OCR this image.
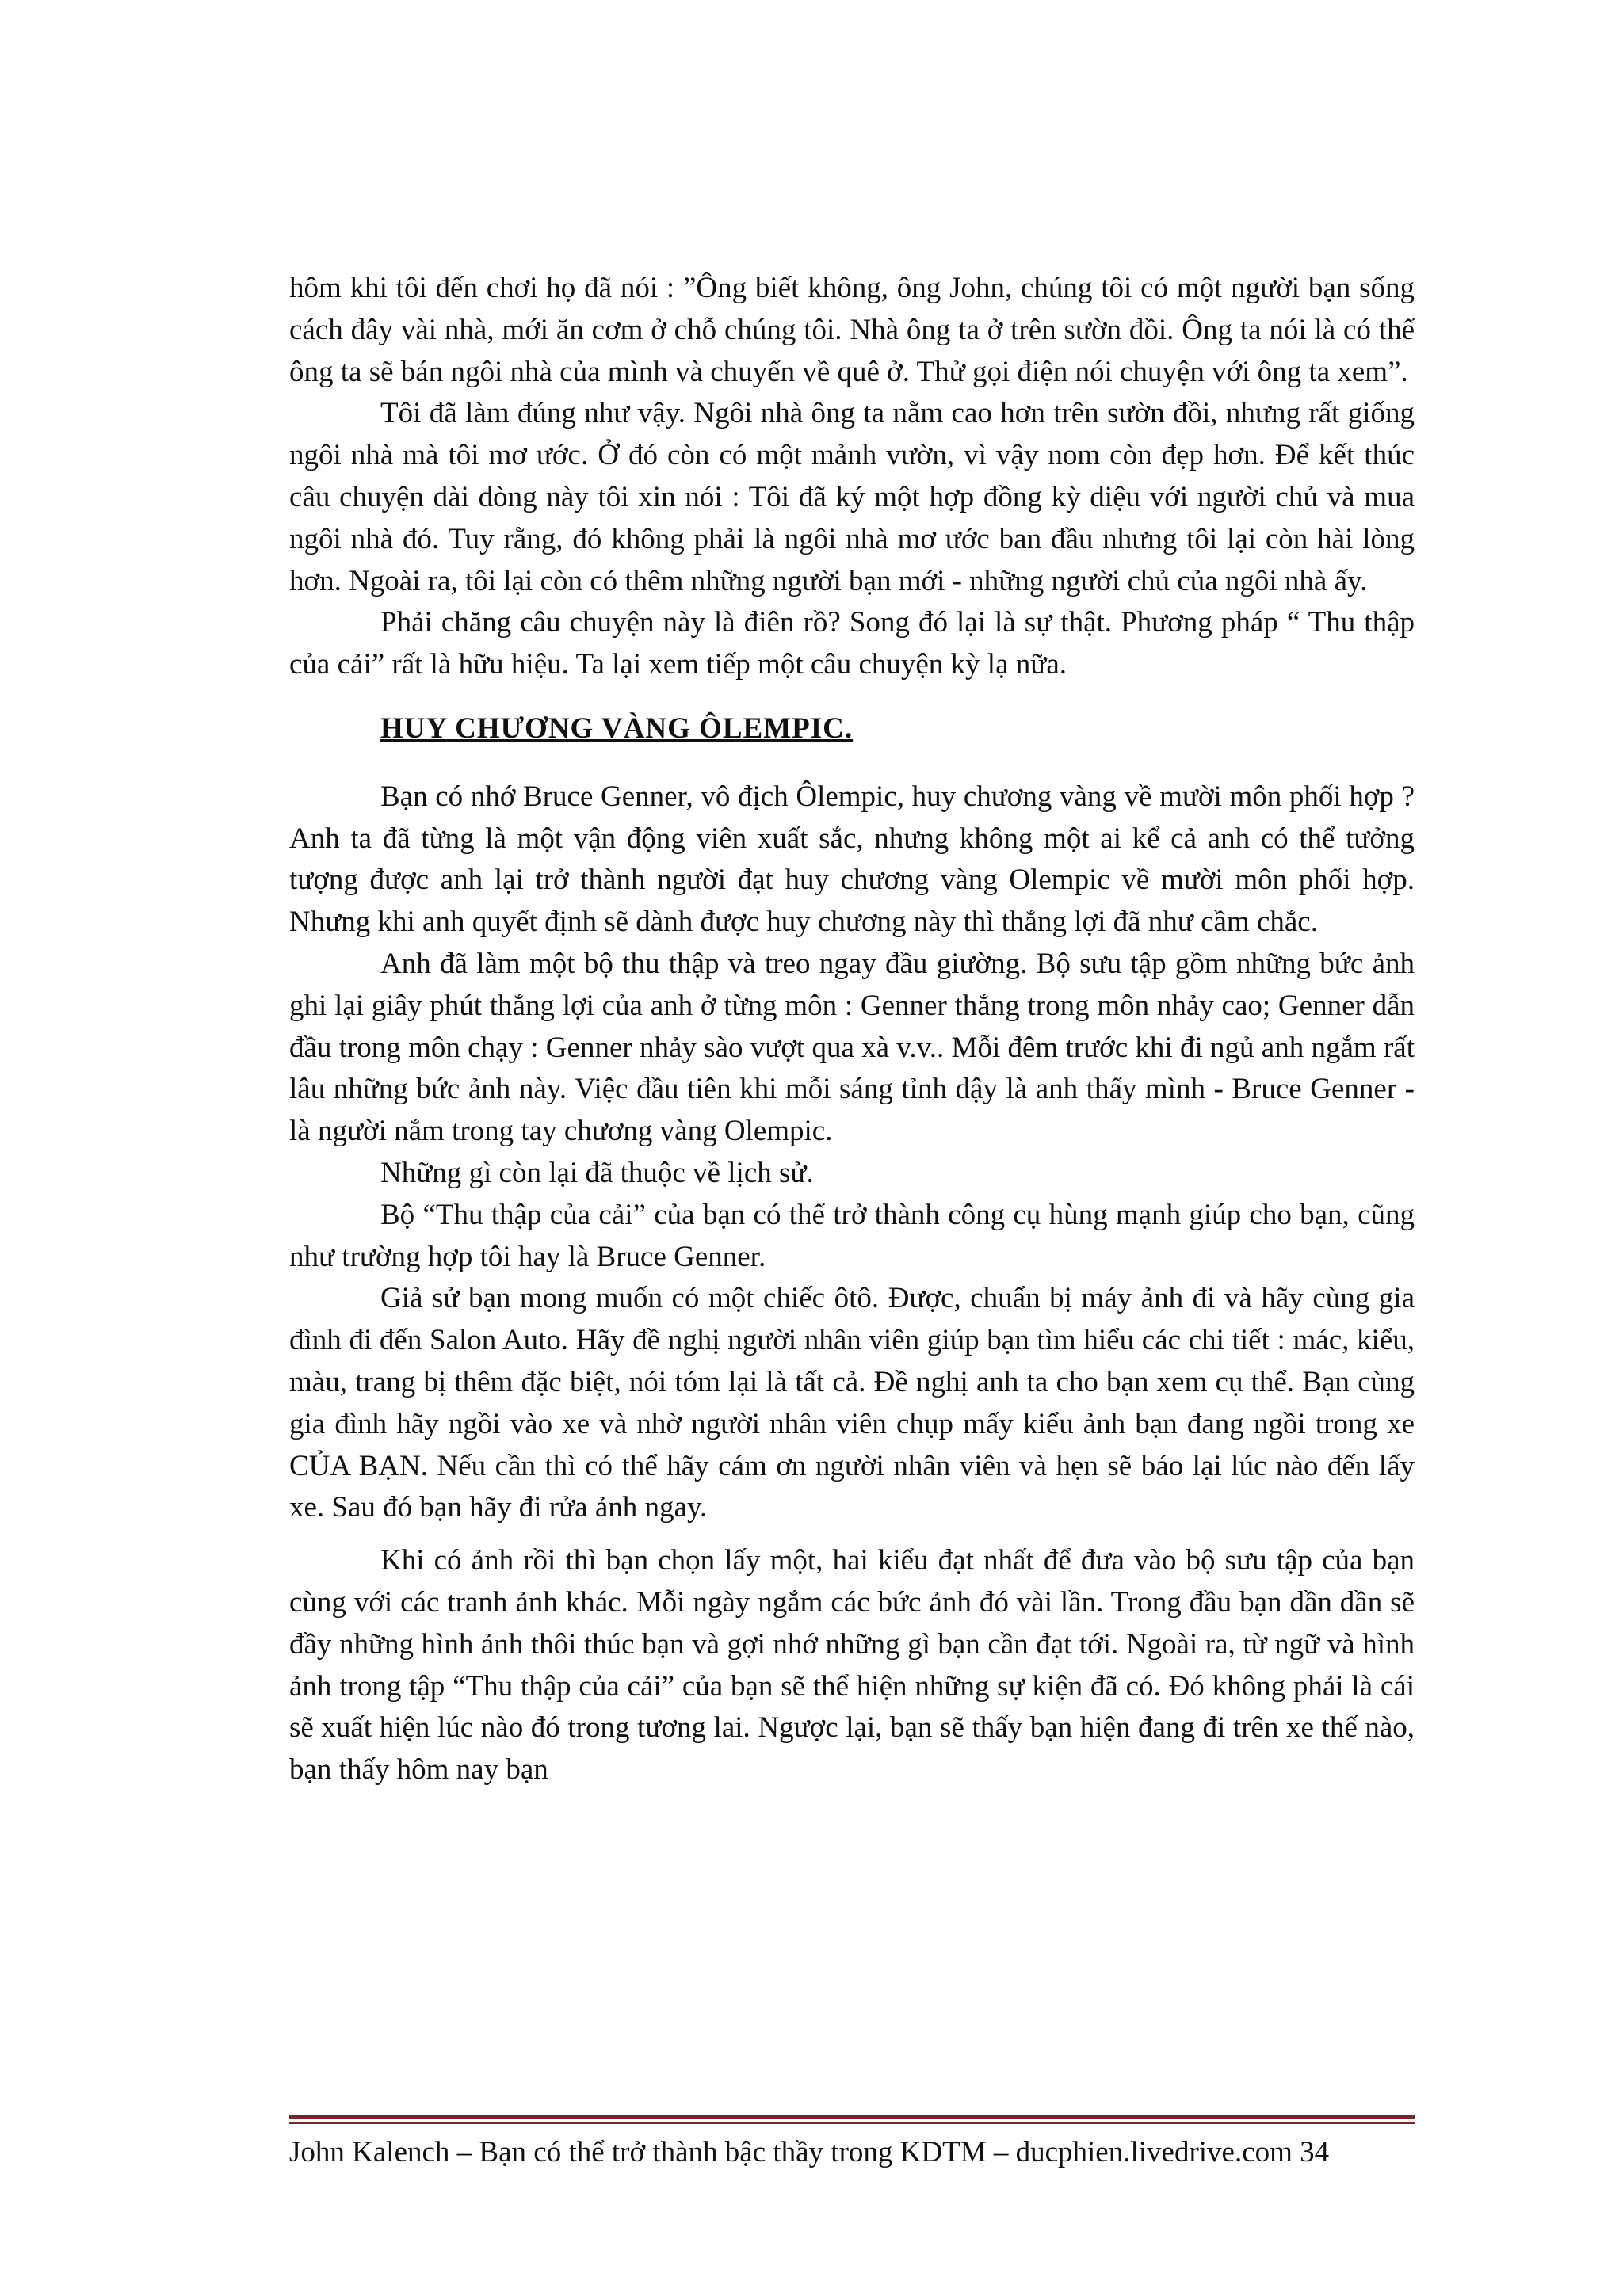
hôm khi tôi đến chơi họ đã nói : ”Ông biết không, ông John, chúng tôi có một người bạn sống cách đây vài nhà, mới ăn cơm ở chỗ chúng tôi. Nhà ông ta ở trên sườn đồi. Ông ta nói là có thể ông ta sẽ bán ngôi nhà của mình và chuyển về quê ở. Thử gọi điện nói chuyện với ông ta xem”.

Tôi đã làm đúng như vậy. Ngôi nhà ông ta nằm cao hơn trên sườn đồi, nhưng rất giống ngôi nhà mà tôi mơ ước. Ở đó còn có một mảnh vườn, vì vậy nom còn đẹp hơn. Để kết thúc câu chuyện dài dòng này tôi xin nói : Tôi đã ký một hợp đồng kỳ diệu với người chủ và mua ngôi nhà đó. Tuy rằng, đó không phải là ngôi nhà mơ ước ban đầu nhưng tôi lại còn hài lòng hơn. Ngoài ra, tôi lại còn có thêm những người bạn mới - những người chủ của ngôi nhà ấy.

Phải chăng câu chuyện này là điên rồ? Song đó lại là sự thật. Phương pháp “ Thu thập của cải” rất là hữu hiệu. Ta lại xem tiếp một câu chuyện kỳ lạ nữa.

HUY CHƯƠNG VÀNG ÔLEMPIC.

Bạn có nhớ Bruce Genner, vô địch Ôlempic, huy chương vàng về mười môn phối hợp ? Anh ta đã từng là một vận động viên xuất sắc, nhưng không một ai kể cả anh có thể tưởng tượng được anh lại trở thành người đạt huy chương vàng Olempic về mười môn phối hợp. Nhưng khi anh quyết định sẽ dành được huy chương này thì thắng lợi đã như cầm chắc.

Anh đã làm một bộ thu thập và treo ngay đầu giường. Bộ sưu tập gồm những bức ảnh ghi lại giây phút thắng lợi của anh ở từng môn : Genner thắng trong môn nhảy cao; Genner dẫn đầu trong môn chạy : Genner nhảy sào vượt qua xà v.v.. Mỗi đêm trước khi đi ngủ anh ngắm rất lâu những bức ảnh này. Việc đầu tiên khi mỗi sáng tỉnh dậy là anh thấy mình - Bruce Genner - là người nắm trong tay chương vàng Olempic.

Những gì còn lại đã thuộc về lịch sử.

Bộ “Thu thập của cải” của bạn có thể trở thành công cụ hùng mạnh giúp cho bạn, cũng như trường hợp tôi hay là Bruce Genner.

Giả sử bạn mong muốn có một chiếc ôtô. Được, chuẩn bị máy ảnh đi và hãy cùng gia đình đi đến Salon Auto. Hãy đề nghị người nhân viên giúp bạn tìm hiểu các chi tiết : mác, kiểu, màu, trang bị thêm đặc biệt, nói tóm lại là tất cả. Đề nghị anh ta cho bạn xem cụ thể. Bạn cùng gia đình hãy ngồi vào xe và nhờ người nhân viên chụp mấy kiểu ảnh bạn đang ngồi trong xe CỦA BẠN. Nếu cần thì có thể hãy cám ơn người nhân viên và hẹn sẽ báo lại lúc nào đến lấy xe. Sau đó bạn hãy đi rửa ảnh ngay.

Khi có ảnh rồi thì bạn chọn lấy một, hai kiểu đạt nhất để đưa vào bộ sưu tập của bạn cùng với các tranh ảnh khác. Mỗi ngày ngắm các bức ảnh đó vài lần. Trong đầu bạn dần dần sẽ đầy những hình ảnh thôi thúc bạn và gợi nhớ những gì bạn cần đạt tới. Ngoài ra, từ ngữ và hình ảnh trong tập “Thu thập của cải” của bạn sẽ thể hiện những sự kiện đã có. Đó không phải là cái sẽ xuất hiện lúc nào đó trong tương lai. Ngược lại, bạn sẽ thấy bạn hiện đang đi trên xe thế nào, bạn thấy hôm nay bạn

John Kalench – Bạn có thể trở thành bậc thầy trong KDTM – ducphien.livedrive.com 34
